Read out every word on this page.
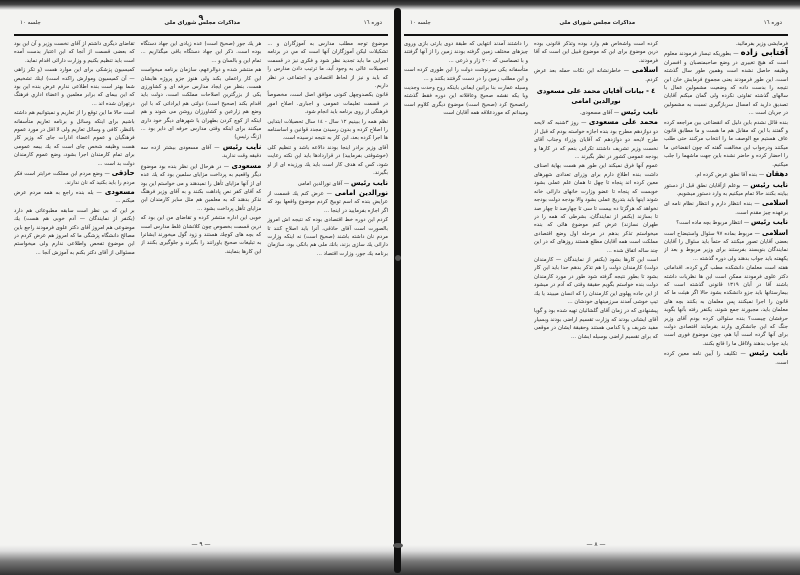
٩
دوره ١٦
مذاكرات مجلس شوراى ملى
جلسه ١٠

موضوع توجه مطلب مدارس به آموزگاران و ... تشكيلات ليكن آموزگاران آنها است كه مي در برنامه اجرايى ما بايد تجديد نظر شود و فكرى نيز در قسمت تحصيلات عالى به وجود آيد، ما ترتيب دادن مدارس را كه بايد و نيز از لحاظ اقتصادى و اجتماعى در نظر داريم.

قانون يكصدوچهل كنونى موافق اصل است، مخصوصاً در قسمت تعليمات عمومى و اجبارى. اصلاح امور فرهنگى از روى برنامه بايد انجام شود.

نظم همه را ببينيم ١٢ سال - ١٤ سال تحصيلات ابتدايى را اصلاح كرده و بدون رسيدن مجدد قوانين و اساسنامه ها اجرا كرده بعد، اين كار به نتيجه نرسيده است.

آقاى وزير برادر اينجا بودند دالاعه باشد و تنظيم كلى (خوشوقتى بفرماييد) در قراردادها بايد اين نكته رعايت شود، كس كه هدف كار است بايد يك ورزيده اى از او بگيرند.

نايب رئيس — آقاى نورالدين امامى

نورالدين امامى — عرض كنم يك قسمت از عرايض بنده كه اسم توبيخ كردم موضوع واقعها بود كه اگر اجازه بفرماييد در اينجا ...

كردم اين دوره خط اقتصادى بوده كه نتيجه اش امروز بالصورت است آقاى حاذقى، آنرا بايد اصلاح كنند تا مردم نان داشته باشند (صحيح است) نه اينكه وزارت دارائى يك سازى بزند، بانك ملى هم بانكى بود، سازمان برنامه يك جور، وزارت اقتصاد ...

هر يك جور (صحيح است) عده زيادى اين جهاد دستگاه بوده است. ذكر اين جهاد دستگاه باقى ميگذاريم ... تمام اين و بالسان و ...

هم منتشر شده و دوالرعهم، سازمان برنامه ميخواست اين كار راعملى بكند ولى هنوز جزو پروژه هايشان هست، بنظر من ايجاد مدارس حرفه اى و كشاورزى يكى از بزرگترين اصلاحات مملكت است، دولت بايد اقدام بكند (صحيح است) دولتى هم ايراداتى كه با اين وضع هم زارعين و كشاورزان روشن مى شوند و هم اينكه از كوچ كردن بطهران يا شهرهاى ديگر خود دارى ميكنند براى اينكه وقتى مدارس حرفه اى داير بود ... (زنگ رئيس)

نايب رئيس — آقاى مسعودى بيشتر ازده سه دقيقه وقت نداريد.

مسعودى — در هرحال اين نظر بنده بود موضوع ديگر واقعيم به پرداخت مزاياى سلمين بود كه يك عده اى از آنها مزاياى تأهل را نميدهند و مى خواستم اين بود كه آقاى كفر نص پاداهت بكنند و به آقاى وزير فرهنگ تذكر بدهند كه به معلمين هم مثل ساير كارمندان اين مزاياى تأهل پرداخت بشود ...

خوبى اين اداره منتشر كرده و تقاضاى من اين بود كه درين قسمت بخصوص چون كلاتشان غلط مدارس است كه بچه هاى كوچك هستند و زود گول ميخورند ايشانرا به تبليغات صحيح ياورانند را بگيرند و جلوگيرى بكنند از اين كارها بنمايند.

تقاضاى ديگرى داشتم از آقاى نخست وزير و آن اين بود كه بعضى قسمت از آنجا كه اين اعتبار بدست آمده است بايد تنظيم بكنيم و وزارت دارائى اقدام نمايد.

كميسيون پزشكى براى اين موارد هست (و تكر زاهى — آن كميسيون وموارش راكده است) اينك تشخيص شما بهتر است بنده اطلاعى ندارم عرض بنده اين بود كه اين بيماى كه برابر معلمين و اعضاء اداري فرهنگ درتهران شده اند ...

است حالا ما اين توقع را از تعاريم و نميتوانيم هم داشته باشيم براى اينكه وسائل و برنامه تعاريم متأسفانه بالنظر، كافى و وسائل تعاريم ولى لا اقل در مورد عموم فرهنگيان و عموم اعضاء ادارات جاى كه وزير كار هست وظيفه شخص چاى است كه يك بيمه عمومى براى تمام كارمندان اجرا بشود، وضع عموم كارمندان دولت بد است ...

حاذقى — وضع مردم اين مملكت خرابتر است فكر مردم را بايد بكنيد كه نان ندارند.

مسعودى — بله بنده راجع به همه مردم عرض ميكنم ...

بر اين كه بى نظر است سابقه مطبوعاتى هم دارد (يكنفر از نمايندگان — آدم خوبى هم هست) يك موضوعى هم امروز آقاى دكتر علوى فرمودند راجع باين مصالح دانشگاه پزشگى ما كه امروز هم عرض كردم در اين موضوع تفحص واطلاعى ندارم ولى ميخواستم مسئوالى از آقاى دكتر بكنم به آموزش آنجا ...

— ٩ —
دوره ١٦
مذاكرات مجلس شوراى ملى
جلسه ١٠

فرمايشى وزير بفرمائيد.

آفتابى زاده — بطوريكه تيسار فرمودند معلوم است كه هيچ تغييرى در وضع صاحبمنصبان و افسران وظيفه حاصل نشده است وهمين طور سال گذشته است، اين طور فرمودند يعنى مجموع فرمايش خان ابن نتيجه را بدست داده كه وضعيت مشمولين عمال با سالهاى گذشته تفاوتى نكرده ولى گمان ميكنم آقايان تصديق داريد كه امسال سربازگيرى نسبت به مشمولين در جريان است ...

بنده قائل نشدم باين دليل كه انقضاعى بين مراجعه كرده و گفتند با اين كه مقابل هم ما هست و ما مطابق قانون عاف هستيم مع الوصف ما را انتخاب مركنند حتى طلب ميكنند ودرجواب اين مخالفت گفته كه چون انقضاعى ما را احضار كرده و حاضر نشده باين جهت ماشهما را جلب ميكنيم.

دهقان — بنده آقا نطق عرض كرده ام.

نايب رئيس — بوعلم ازآقايان نطق قبل از دستور بياينه بكنند حالا تمام ميكنيم به وارد دستور ميشويم.

اسلامى — بنده انتظار دارم و انتظار نظام نامه اى برعهده چيز مقدم است.

نايب رئيس — انتظار مربوط بچه ماده است؟

اسلامى — مربوط بماده ٩٧ سئوال واستيضاح است بعضى آقايان تصور ميكنند كه حتماً بايد سئوال را آقايان نمايندگان بنويسند بفرستند براى وزير مربوط و بعد از يكهفته بايد جواب بدهند ولى دوره گذشته ...

هفته است معلمان دانشكده مطب گرو كرده، اقداماتى دكتر علوى فرمودند ممكن است اين ها نظريات داشته باشند آقا در آبان ١٣١٩ قانونى گذشته است كه بيمارستانها بايد جزو دانشكده بشود حالا اگر هيئت ما كه قانون را اجرا نميكنند پس معلمان به بكنند بچه هاى معلمان بايد، مجبورند جمع شوند، يكنفر رفته بآنها بگويد حرفشان چيست؟ بنده سئوالى كرده بودم آقاى وزير جنگ كه اين جانشكرى وارند بفرمايند اقتصادى دولت براى آنها گرده است آيا هم، چون موضوع فورى است بايد جواب بدهند ولااقل ما را قانع بكنند.

نايب رئيس — تكليف را آيين نامه معين كرده است.

كرده است واشخاص هم وارد بوده وتذكر قانونى بوده درين موضوع براى اين كه موضوع قبيل اين است كه آقا فرمودند.

اسلامى — خاطرنشانه اين نكات حمله بعد عرض كردم.

٤ - بيانات آقايان محمد على مسعودى نورالدين امامى

نايب رئيس — آقاى مسعودى.

محمد على مسعودى — روز ٣شنبه كه لايحه دو دوازدهم مطرح بود بنده اجازه خواسته بودم كه قبل از طرح لايحه دو دوازدهم كه آقايان وزراء وجناب آقاى نخست وزير تشريف داشتند تكرانى بنعم كه در كارها و بودجه عمومى كشور در نظر بگيرند ...

عموم آنها فرق نميكند اين طور هم هست بهاية اصناف داشت بنده اطلاع دارم براى وزراى تعدادى شهرهاى معين كرده اند پنجاه تا چهل تا همان علم عملى بشود خوبست كه پنجاه تا عضو وزارت خانهاى دارائى خانه شوند اينها بايد بتدريج عملى بشود والا بودجه دولت بودجه نخواهد كه هرگزتا ده بيست تا سى تا چهارصد تا چهار صد تا بسازند (يكنفر از نمايندگان، بشرطى كه همه را در طهران نسازند) عرض كنم موضوع هائى كه بنده ميخواستم تذكر بدهم در مرحله اول وضع اقتصادى مملكت است همه آقايان مطلع هستند روزهاى كه در اين چند ساله اتفاق شده ...

است اين كارها بشود (يكنفر از نمايندگان — كارمندان دولت) كارمندان دولت را هم تذكر بدهم حدا بايد اين كار بشود تا بطور نتيجه گرفته شود طور در مورد كارمندان دولت بنده خواستم بگويم حقيقة وقتى كه آدم در ميشود از اين جاده پهلوى اين كارمندان را كه انسان ميبيند يا يك تيپ خوشى آمدند سرزمينهاى خودشان ...

پيشنهادى كه در زمان آقاى گلشائيان تهيه شده بود و گويا آقاى ايشانى بودند كه وزارت تقسيم اراضى بودند وبسيار مفيد شريف و يا كدامى هستند وحقيقة ايشان در موقعى كه براى تقسيم اراضى بوسيله ايشان ...

را داشتند آمدند انتهايى كه طبقة دوى يارتى بازى وروى چيزهاى مختلف زمين گرفته بودند زمين را از آنها گرفتند و با تصماسى كه ٢٠٠ زار و ذرعى ...

متأسفانه يكى سرنوشت دولت را اين طورى كرده است و اين مطلب زمين را در دست گرفتند بكنند و ...

وسيله عمارت بنا برانين ايمانى باينكه روح وحدت وجديت ويا يكه نقشه صحيح وعاقلانه اين دوره فقط گذشته راتصحيح كرد (صحيح است) موضوع ديگرى كلاوم است وميدانم كه موردعلاقه همه آقايان است

— ٨ —
